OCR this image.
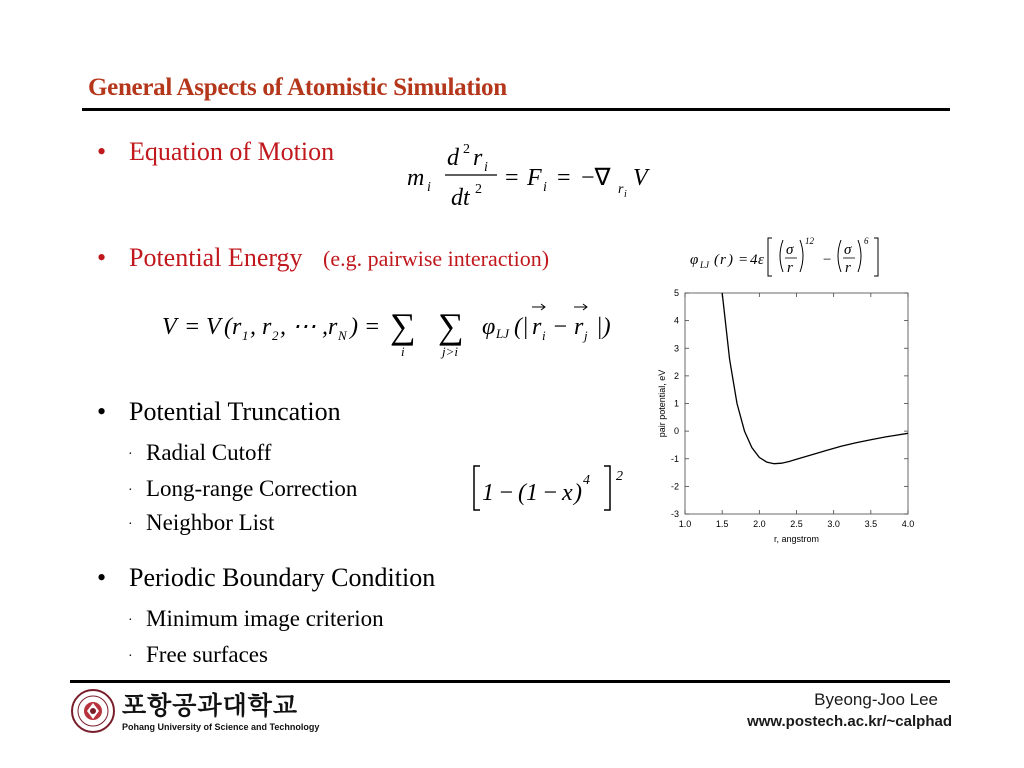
General Aspects of Atomistic Simulation
• Equation of Motion
m i
d 2 r i
dt 2 = F i = −∇ r i
V
• Potential Energy (e.g. pairwise interaction)	φ LJ ( r ) = 4 ε
σ
r
12
−
σ
r
6
V = V ( r 1 , r 2 , ⋯ , r N ) = ∑
i
∑
j>i
φ LJ (| r i − r j |)
1.0	1.5	2.0	2.5	3.0	3.5	4.0
5
4
3
2
1
0
-1
-2
-3
r, angstrom
pair potential, eV
• Potential Truncation
· Radial Cutoff
· Long-range Correction
· Neighbor List
1 − (1 − x ) 4 2
• Periodic Boundary Condition
· Minimum image criterion
· Free surfaces
포항공과대학교
Pohang University of Science and Technology
Byeong-Joo Lee
www.postech.ac.kr/~calphad
